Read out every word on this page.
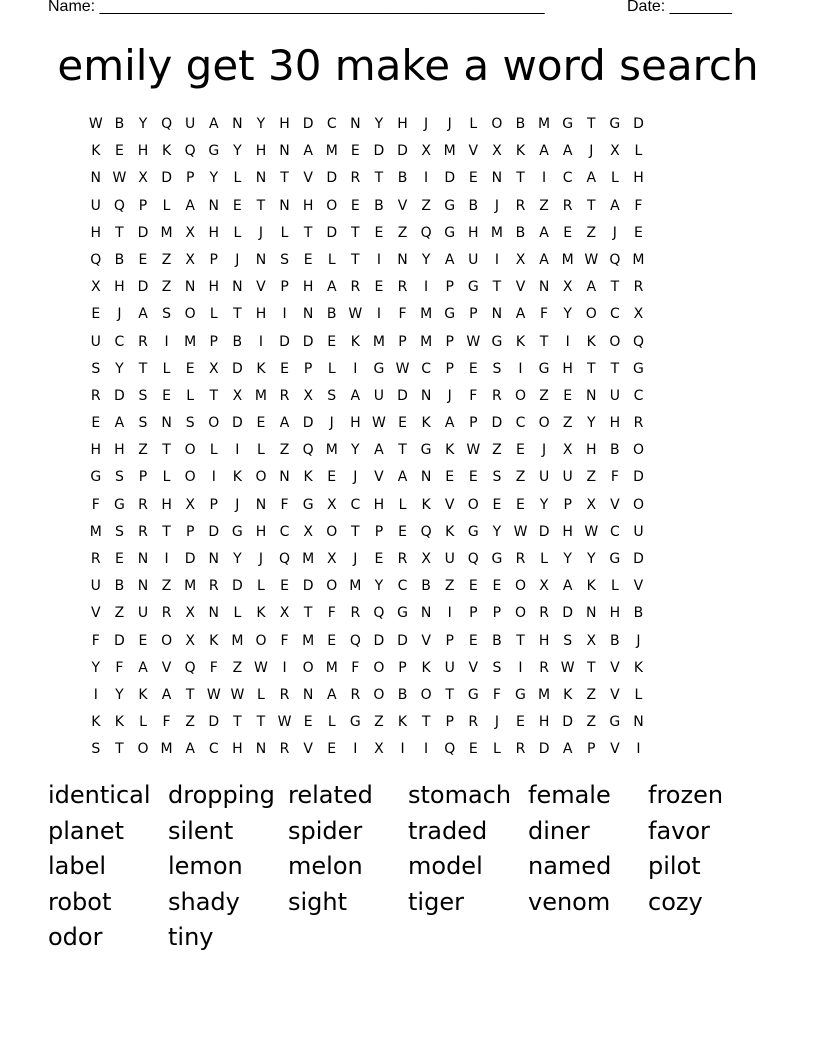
Name: __________________________________________________	Date: _______
emily get 30 make a word search
W B	Y Q U A N	Y	H D C N	Y	H	J	J	L	O B M G T G D
K	E H K Q G Y	H N A M E D D X M V	X	K	A	A	J	X	L
N W X D P	Y	L	N	T	V D R	T	B	I	D E N	T	I	C A	L	H
U Q P	L	A N E	T	N H O E	B	V	Z G B	J	R Z R	T	A	F
H	T D M X H	L	J	L	T D T	E	Z Q G H M B	A	E	Z	J	E
Q B	E	Z	X	P	J	N S	E	L	T	I	N	Y	A U	I	X	A M W Q M
X H D Z N H N V	P	H A R	E	R	I	P G T	V N X	A	T	R
E	J	A	S O	L	T	H	I	N B W	I	F M G P	N A	F	Y O C X
U C R	I	M P	B	I	D D E	K M P M P W G K	T	I	K O Q
S	Y	T	L	E	X D K	E	P	L	I	G W C	P	E	S	I	G H	T	T G
R D S	E	L	T	X M R X	S	A U D N	J	F	R O Z	E N U C
E	A	S N S O D E	A D	J	H W E	K	A	P D C O Z	Y	H R
H H Z	T O	L	I	L	Z Q M Y	A	T G K W Z	E	J	X H B O
G S	P	L	O	I	K O N K	E	J	V	A N E	E	S	Z U U Z	F	D
F	G R H X	P	J	N	F	G X C H	L	K	V O E	E	Y	P	X	V O
M S	R	T	P D G H C X O T	P	E Q K G Y W D H W C U
R	E N	I	D N	Y	J	Q M X	J	E	R X U Q G R	L	Y	Y G D
U B N Z M R D	L	E D O M Y	C B	Z	E	E O X	A	K	L	V
V	Z U R X N	L	K	X	T	F	R Q G N	I	P	P O R D N H B
F	D E O X	K M O	F M E Q D D V	P	E	B	T	H S	X B	J
Y	F	A	V Q	F	Z W	I	O M F	O P	K U V	S	I	R W T	V	K
I	Y	K	A	T W W L	R N A R O B O T G	F	G M K	Z	V	L
K	K	L	F	Z D T	T W E	L	G Z	K	T	P	R	J	E H D Z G N
S	T O M A C H N R V	E	I	X	I	I	Q E	L	R D A	P	V	I
identical dropping related	stomach female	frozen
planet	silent	spider	traded	diner	favor
label	lemon	melon	model	named	pilot
robot	shady	sight	tiger	venom	cozy
odor	tiny
